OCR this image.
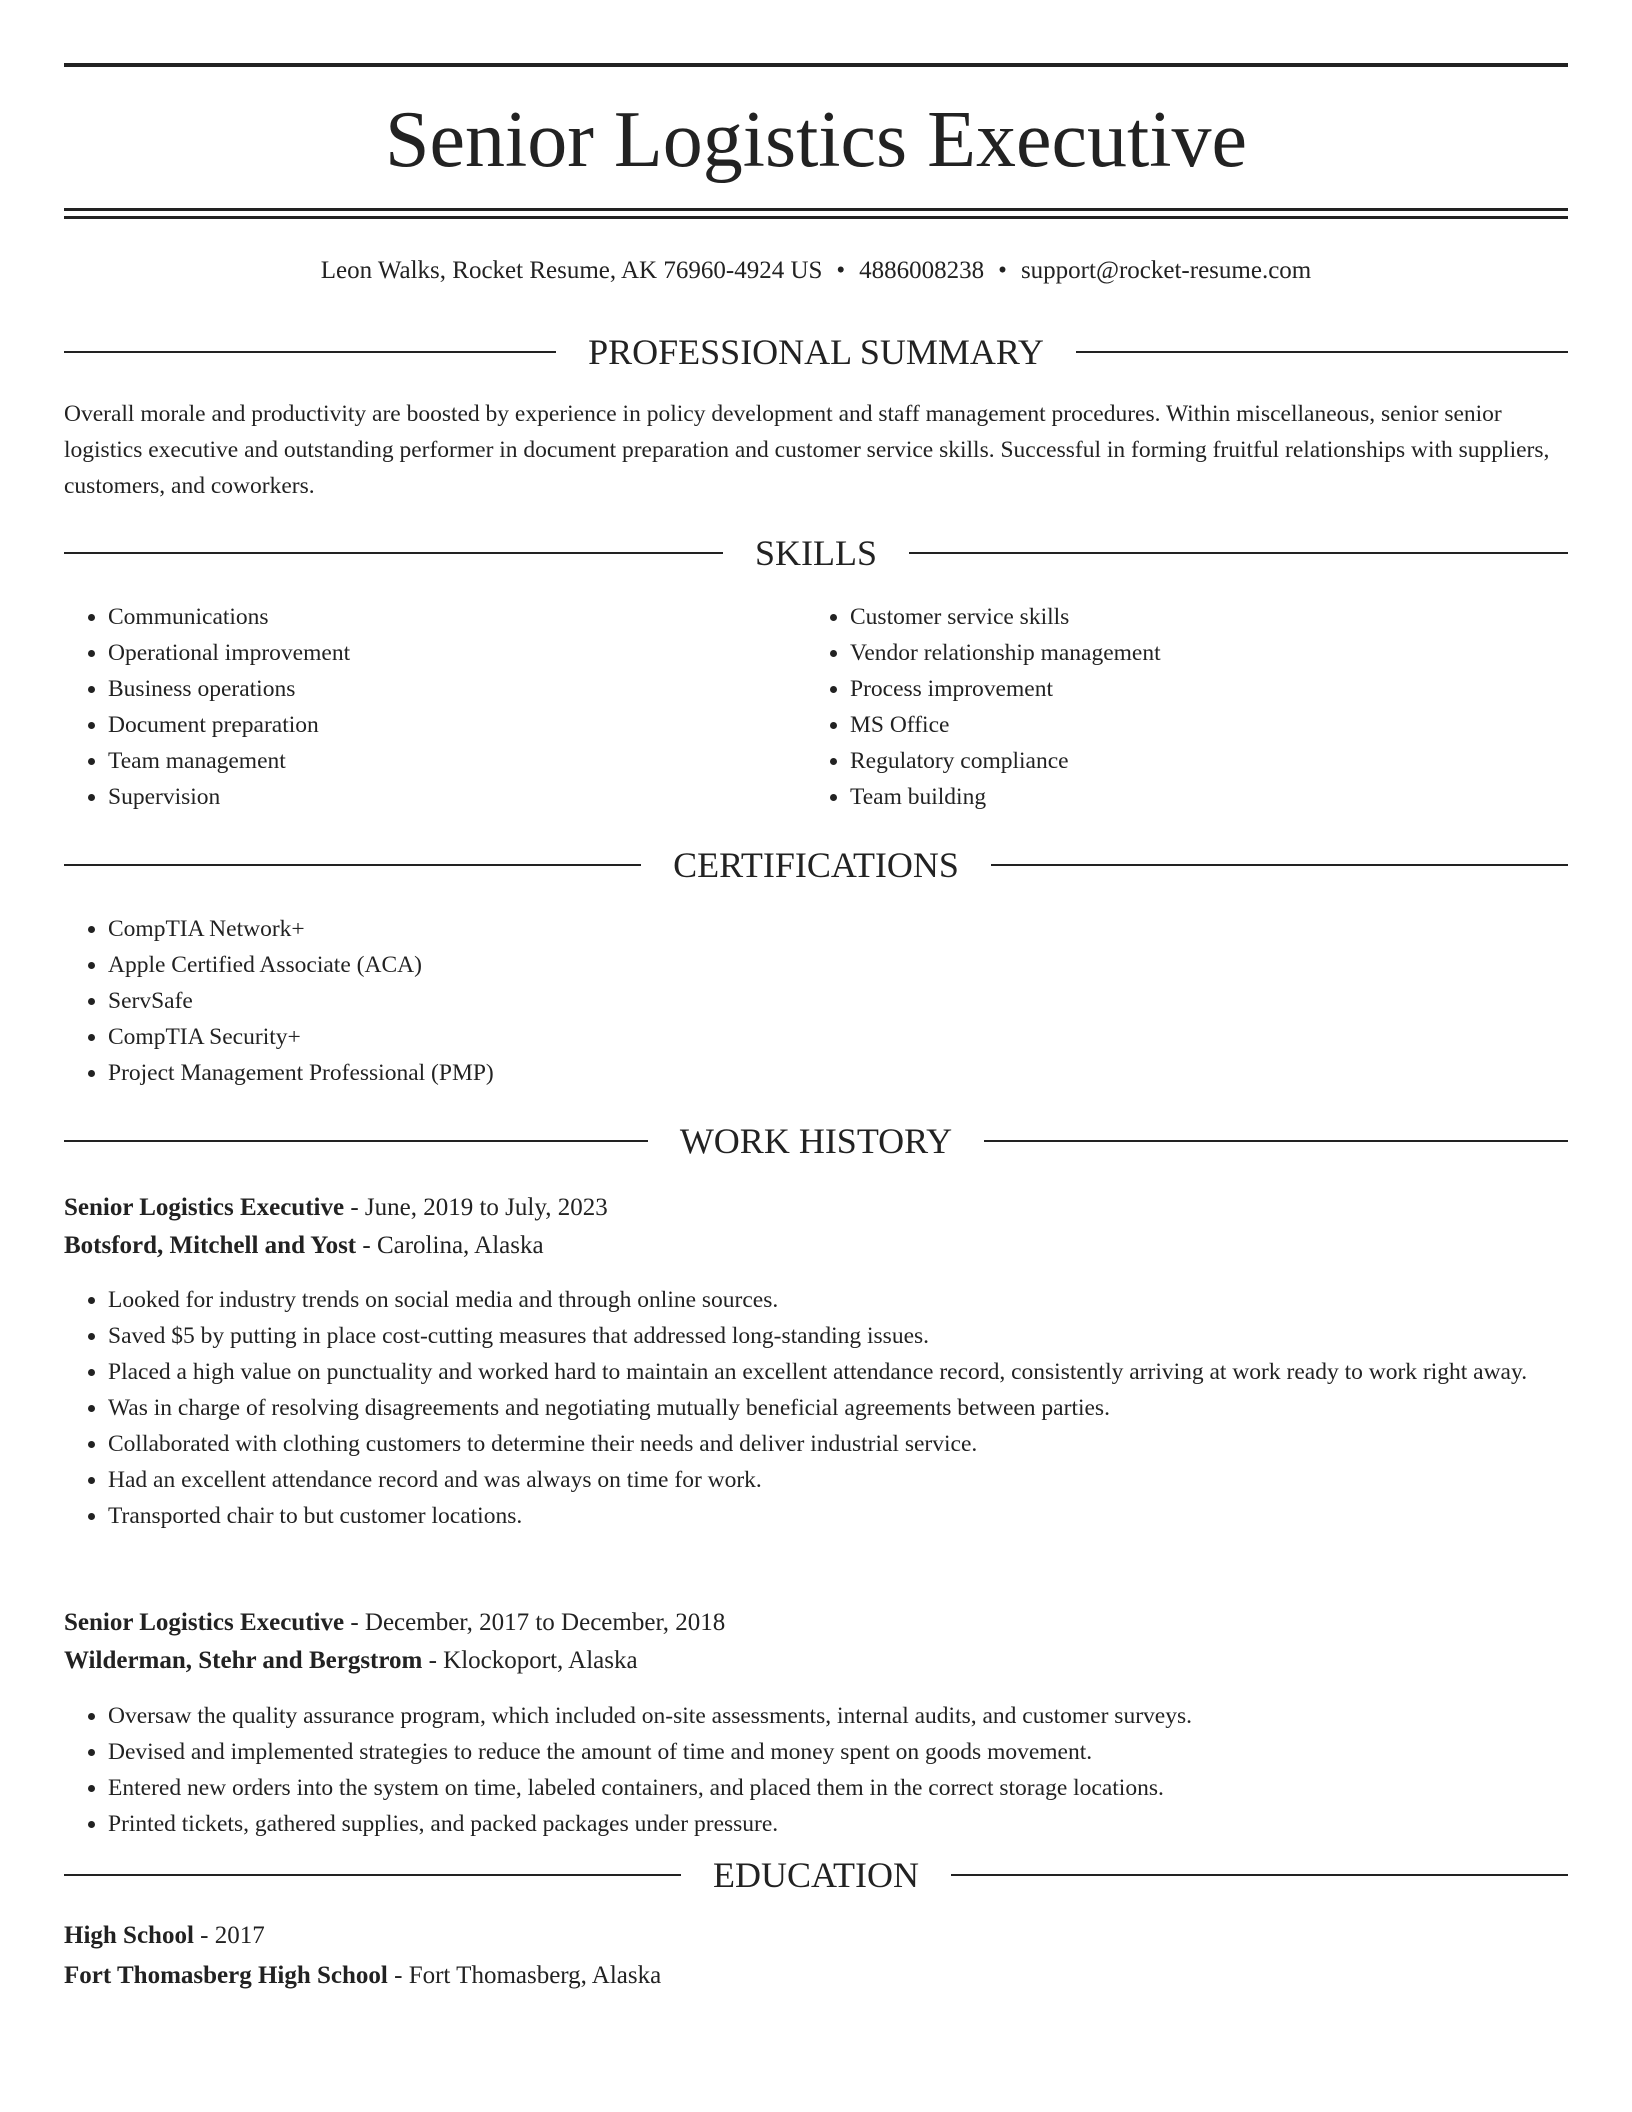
Senior Logistics Executive
Leon Walks, Rocket Resume, AK 76960-4924 US • 4886008238 • support@rocket-resume.com
PROFESSIONAL SUMMARY
Overall morale and productivity are boosted by experience in policy development and staff management procedures. Within miscellaneous, senior senior logistics executive and outstanding performer in document preparation and customer service skills. Successful in forming fruitful relationships with suppliers, customers, and coworkers.
SKILLS
• Communications
• Operational improvement
• Business operations
• Document preparation
• Team management
• Supervision
• Customer service skills
• Vendor relationship management
• Process improvement
• MS Office
• Regulatory compliance
• Team building
CERTIFICATIONS
• CompTIA Network+
• Apple Certified Associate (ACA)
• ServSafe
• CompTIA Security+
• Project Management Professional (PMP)
WORK HISTORY
Senior Logistics Executive - June, 2019 to July, 2023
Botsford, Mitchell and Yost - Carolina, Alaska
• Looked for industry trends on social media and through online sources.
• Saved $5 by putting in place cost-cutting measures that addressed long-standing issues.
• Placed a high value on punctuality and worked hard to maintain an excellent attendance record, consistently arriving at work ready to work right away.
• Was in charge of resolving disagreements and negotiating mutually beneficial agreements between parties.
• Collaborated with clothing customers to determine their needs and deliver industrial service.
• Had an excellent attendance record and was always on time for work.
• Transported chair to but customer locations.
Senior Logistics Executive - December, 2017 to December, 2018
Wilderman, Stehr and Bergstrom - Klockoport, Alaska
• Oversaw the quality assurance program, which included on-site assessments, internal audits, and customer surveys.
• Devised and implemented strategies to reduce the amount of time and money spent on goods movement.
• Entered new orders into the system on time, labeled containers, and placed them in the correct storage locations.
• Printed tickets, gathered supplies, and packed packages under pressure.
EDUCATION
High School - 2017
Fort Thomasberg High School - Fort Thomasberg, Alaska
